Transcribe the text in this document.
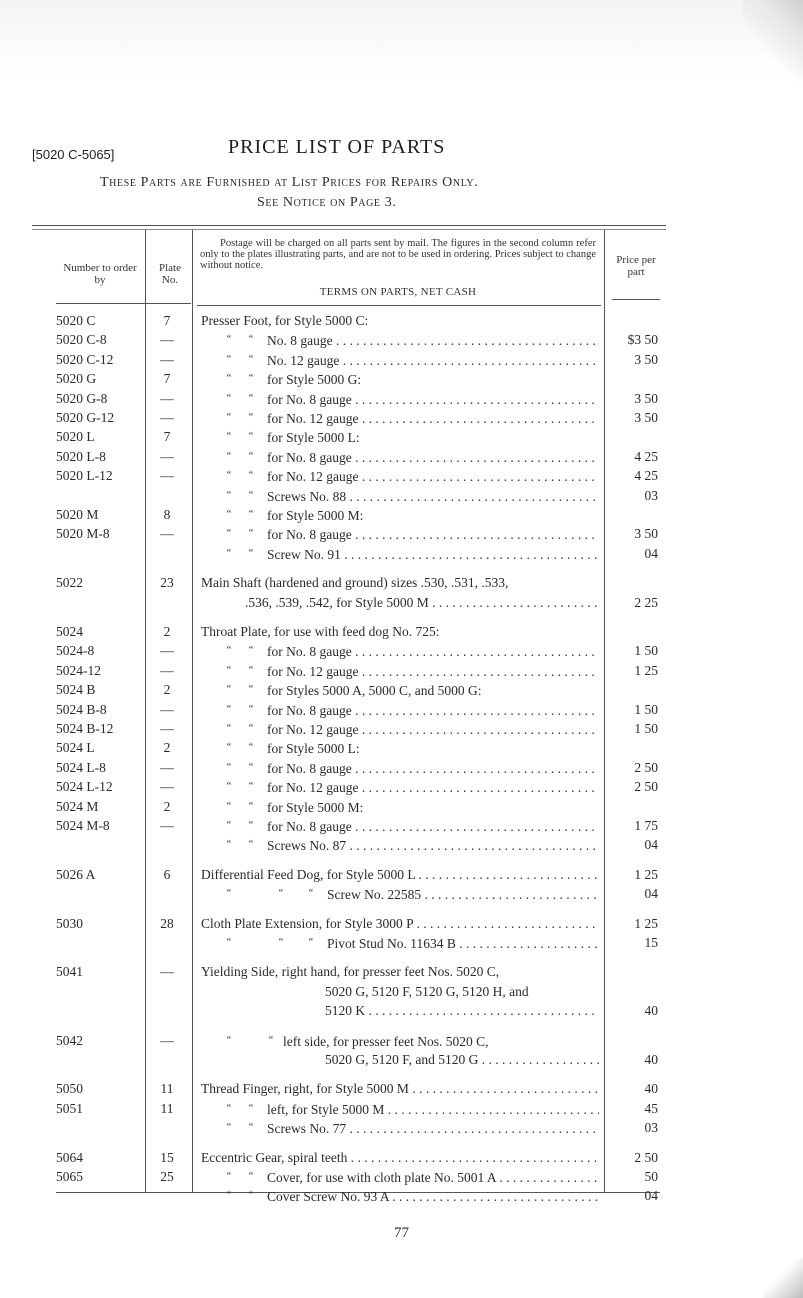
[5020 C-5065]	PRICE LIST OF PARTS
These Parts are Furnished at List Prices for Repairs Only.
See Notice on Page 3.
Number to order by
Plate No.
Price per part
Postage will be charged on all parts sent by mail. The figures in the second column refer only to the plates illustrating parts, and are not to be used in ordering. Prices subject to change without notice.
TERMS ON PARTS, NET CASH
5020 C	7	Presser Foot, for Style 5000 C:
5020 C-8	—	“ “ No. 8 gauge . . .	$3 50
5020 C-12	—	“ “ No. 12 gauge . . .	3 50
5020 G	7	“ “ for Style 5000 G:
5020 G-8	—	“ “ for No. 8 gauge . . .	3 50
5020 G-12	—	“ “ for No. 12 gauge . . .	3 50
5020 L	7	“ “ for Style 5000 L:
5020 L-8	—	“ “ for No. 8 gauge . . .	4 25
5020 L-12	—	“ “ for No. 12 gauge . . .	4 25
“ “ Screws No. 88 . . .	03
5020 M	8	“ “ for Style 5000 M:
5020 M-8	—	“ “ for No. 8 gauge . . .	3 50
“ “ Screw No. 91 . . .	04
5022	23	Main Shaft (hardened and ground) sizes .530, .531, .533,
.536, .539, .542, for Style 5000 M . . .	2 25
5024	2	Throat Plate, for use with feed dog No. 725:
5024-8	—	“ “ for No. 8 gauge . . .	1 50
5024-12	—	“ “ for No. 12 gauge . . .	1 25
5024 B	2	“ “ for Styles 5000 A, 5000 C, and 5000 G:
5024 B-8	—	“ “ for No. 8 gauge . . .	1 50
5024 B-12	—	“ “ for No. 12 gauge . . .	1 50
5024 L	2	“ “ for Style 5000 L:
5024 L-8	—	“ “ for No. 8 gauge . . .	2 50
5024 L-12	—	“ “ for No. 12 gauge . . .	2 50
5024 M	2	“ “ for Style 5000 M:
5024 M-8	—	“ “ for No. 8 gauge . . .	1 75
“ “ Screws No. 87 . . .	04
5026 A	6	Differential Feed Dog, for Style 5000 L . . .	1 25
“	“	“ Screw No. 22585 . . .	04
5030	28	Cloth Plate Extension, for Style 3000 P . . .	1 25
“	“	“ Pivot Stud No. 11634 B . . .	15
5041	—	Yielding Side, right hand, for presser feet Nos. 5020 C,
5020 G, 5120 F, 5120 G, 5120 H, and
5120 K . . .	40
5042	—	“	“ left side, for presser feet Nos. 5020 C,
5020 G, 5120 F, and 5120 G . . .	40
5050	11	Thread Finger, right, for Style 5000 M . . .	40
5051	11	“ “ left, for Style 5000 M . . .	45
“ “ Screws No. 77 . . .	03
5064	15	Eccentric Gear, spiral teeth . . .	2 50
5065	25	“ “ Cover, for use with cloth plate No. 5001 A . . .	50
“ “ Cover Screw No. 93 A . . .	04
77
